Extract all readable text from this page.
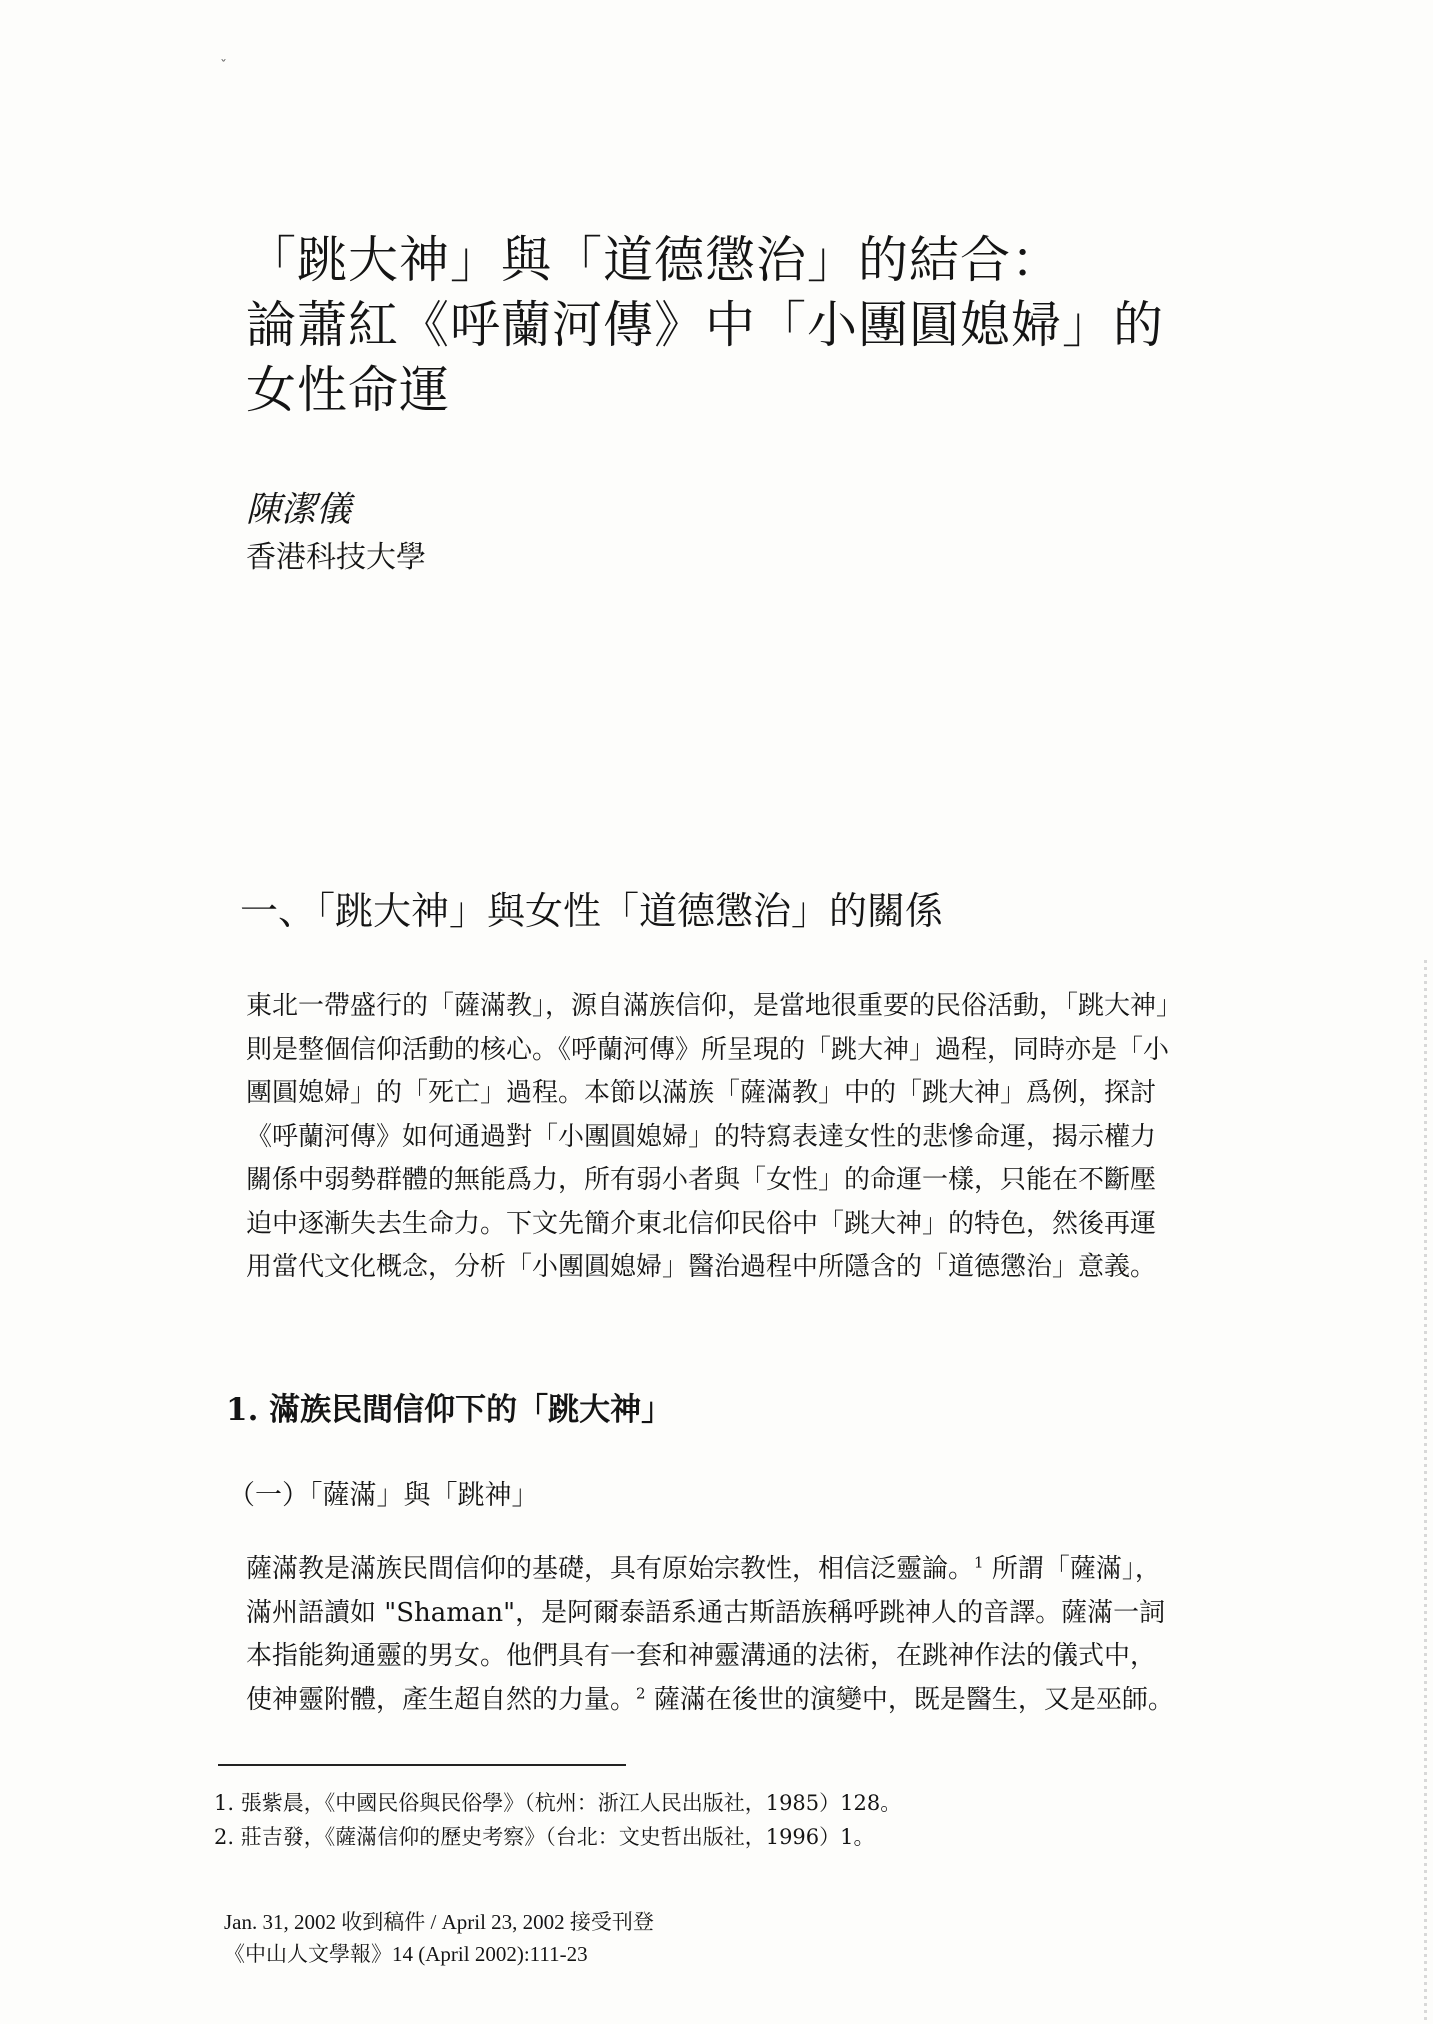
ˇ
「跳大神」與「道德懲治」的結合：
論蕭紅《呼蘭河傳》中「小團圓媳婦」的
女性命運
陳潔儀
香港科技大學
一、「跳大神」與女性「道德懲治」的關係

東北一帶盛行的「薩滿教」，源自滿族信仰，是當地很重要的民俗活動，「跳大神」
則是整個信仰活動的核心。《呼蘭河傳》所呈現的「跳大神」過程，同時亦是「小
團圓媳婦」的「死亡」過程。本節以滿族「薩滿教」中的「跳大神」爲例，探討
《呼蘭河傳》如何通過對「小團圓媳婦」的特寫表達女性的悲慘命運，揭示權力
關係中弱勢群體的無能爲力，所有弱小者與「女性」的命運一樣，只能在不斷壓
迫中逐漸失去生命力。下文先簡介東北信仰民俗中「跳大神」的特色，然後再運
用當代文化概念，分析「小團圓媳婦」醫治過程中所隱含的「道德懲治」意義。

1. 滿族民間信仰下的「跳大神」
（一）「薩滿」與「跳神」

薩滿教是滿族民間信仰的基礎，具有原始宗教性，相信泛靈論。$^1$ 所謂「薩滿」，
滿州語讀如 "Shaman"，是阿爾泰語系通古斯語族稱呼跳神人的音譯。薩滿一詞
本指能夠通靈的男女。他們具有一套和神靈溝通的法術，在跳神作法的儀式中，
使神靈附體，產生超自然的力量。$^2$ 薩滿在後世的演變中，既是醫生，又是巫師。

1. 張紫晨，《中國民俗與民俗學》（杭州：浙江人民出版社，1985）128。
2. 莊吉發，《薩滿信仰的歷史考察》（台北：文史哲出版社，1996）1。
Jan. 31, 2002 收到稿件 / April 23, 2002 接受刊登
《中山人文學報》14 (April 2002):111-23
